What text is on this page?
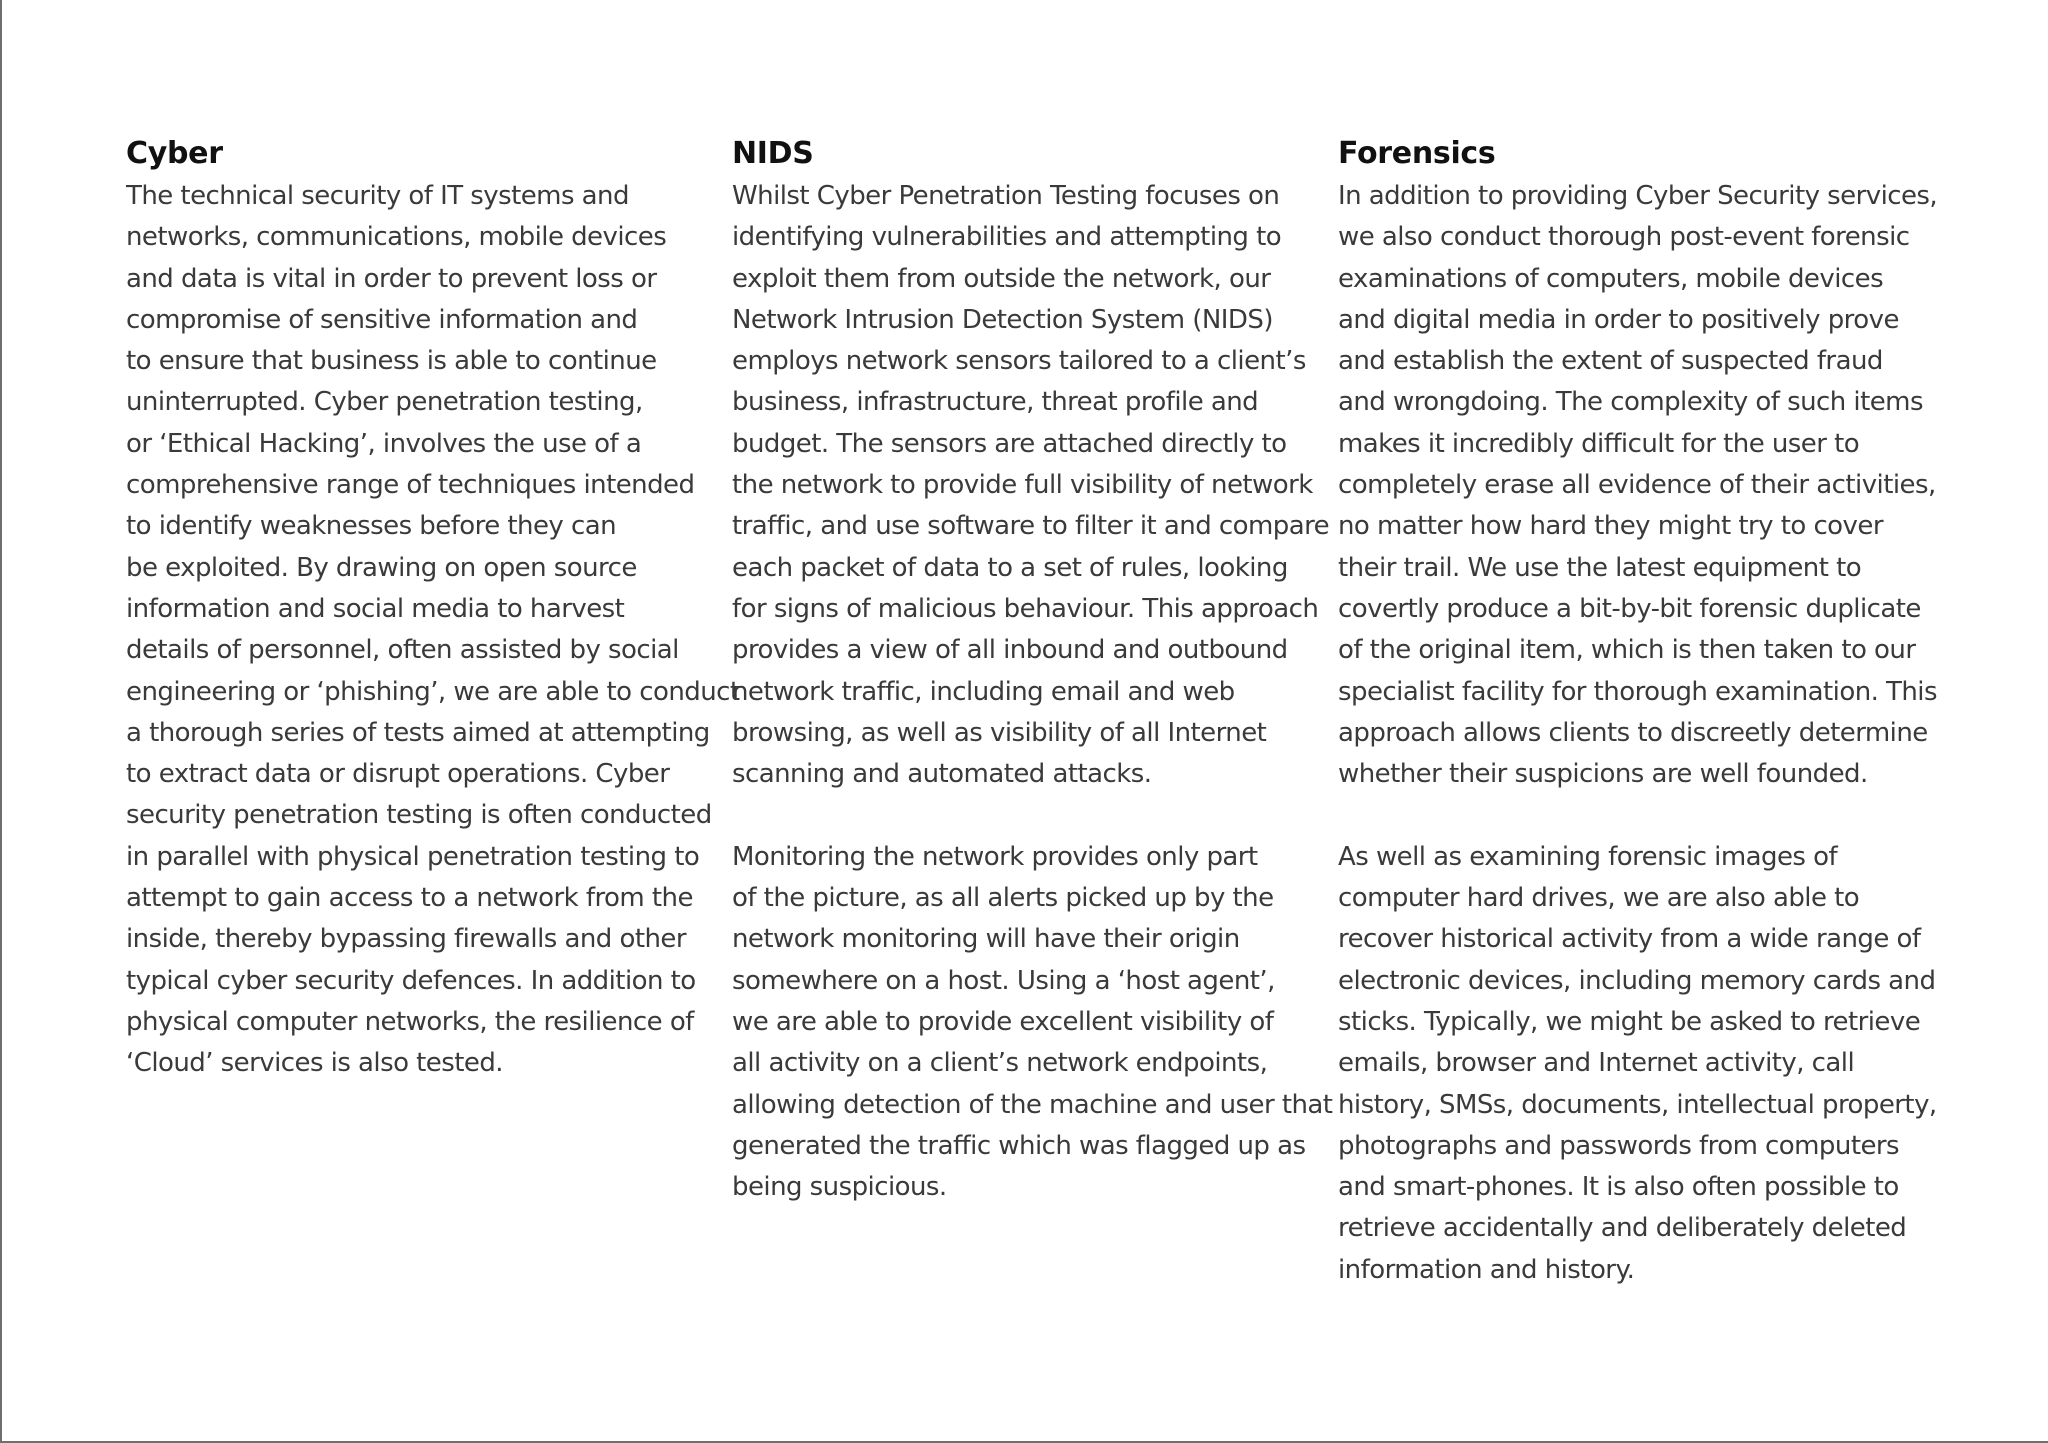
Cyber

The technical security of IT systems and
networks, communications, mobile devices
and data is vital in order to prevent loss or
compromise of sensitive information and
to ensure that business is able to continue
uninterrupted. Cyber penetration testing,
or ‘Ethical Hacking’, involves the use of a
comprehensive range of techniques intended
to identify weaknesses before they can
be exploited. By drawing on open source
information and social media to harvest
details of personnel, often assisted by social
engineering or ‘phishing’, we are able to conduct
a thorough series of tests aimed at attempting
to extract data or disrupt operations. Cyber
security penetration testing is often conducted
in parallel with physical penetration testing to
attempt to gain access to a network from the
inside, thereby bypassing firewalls and other
typical cyber security defences. In addition to
physical computer networks, the resilience of
‘Cloud’ services is also tested.

NIDS

Whilst Cyber Penetration Testing focuses on
identifying vulnerabilities and attempting to
exploit them from outside the network, our
Network Intrusion Detection System (NIDS)
employs network sensors tailored to a client’s
business, infrastructure, threat profile and
budget. The sensors are attached directly to
the network to provide full visibility of network
traffic, and use software to filter it and compare
each packet of data to a set of rules, looking
for signs of malicious behaviour. This approach
provides a view of all inbound and outbound
network traffic, including email and web
browsing, as well as visibility of all Internet
scanning and automated attacks.

Monitoring the network provides only part
of the picture, as all alerts picked up by the
network monitoring will have their origin
somewhere on a host. Using a ‘host agent’,
we are able to provide excellent visibility of
all activity on a client’s network endpoints,
allowing detection of the machine and user that
generated the traffic which was flagged up as
being suspicious.

Forensics

In addition to providing Cyber Security services,
we also conduct thorough post-event forensic
examinations of computers, mobile devices
and digital media in order to positively prove
and establish the extent of suspected fraud
and wrongdoing. The complexity of such items
makes it incredibly difficult for the user to
completely erase all evidence of their activities,
no matter how hard they might try to cover
their trail. We use the latest equipment to
covertly produce a bit-by-bit forensic duplicate
of the original item, which is then taken to our
specialist facility for thorough examination. This
approach allows clients to discreetly determine
whether their suspicions are well founded.

As well as examining forensic images of
computer hard drives, we are also able to
recover historical activity from a wide range of
electronic devices, including memory cards and
sticks. Typically, we might be asked to retrieve
emails, browser and Internet activity, call
history, SMSs, documents, intellectual property,
photographs and passwords from computers
and smart-phones. It is also often possible to
retrieve accidentally and deliberately deleted
information and history.
